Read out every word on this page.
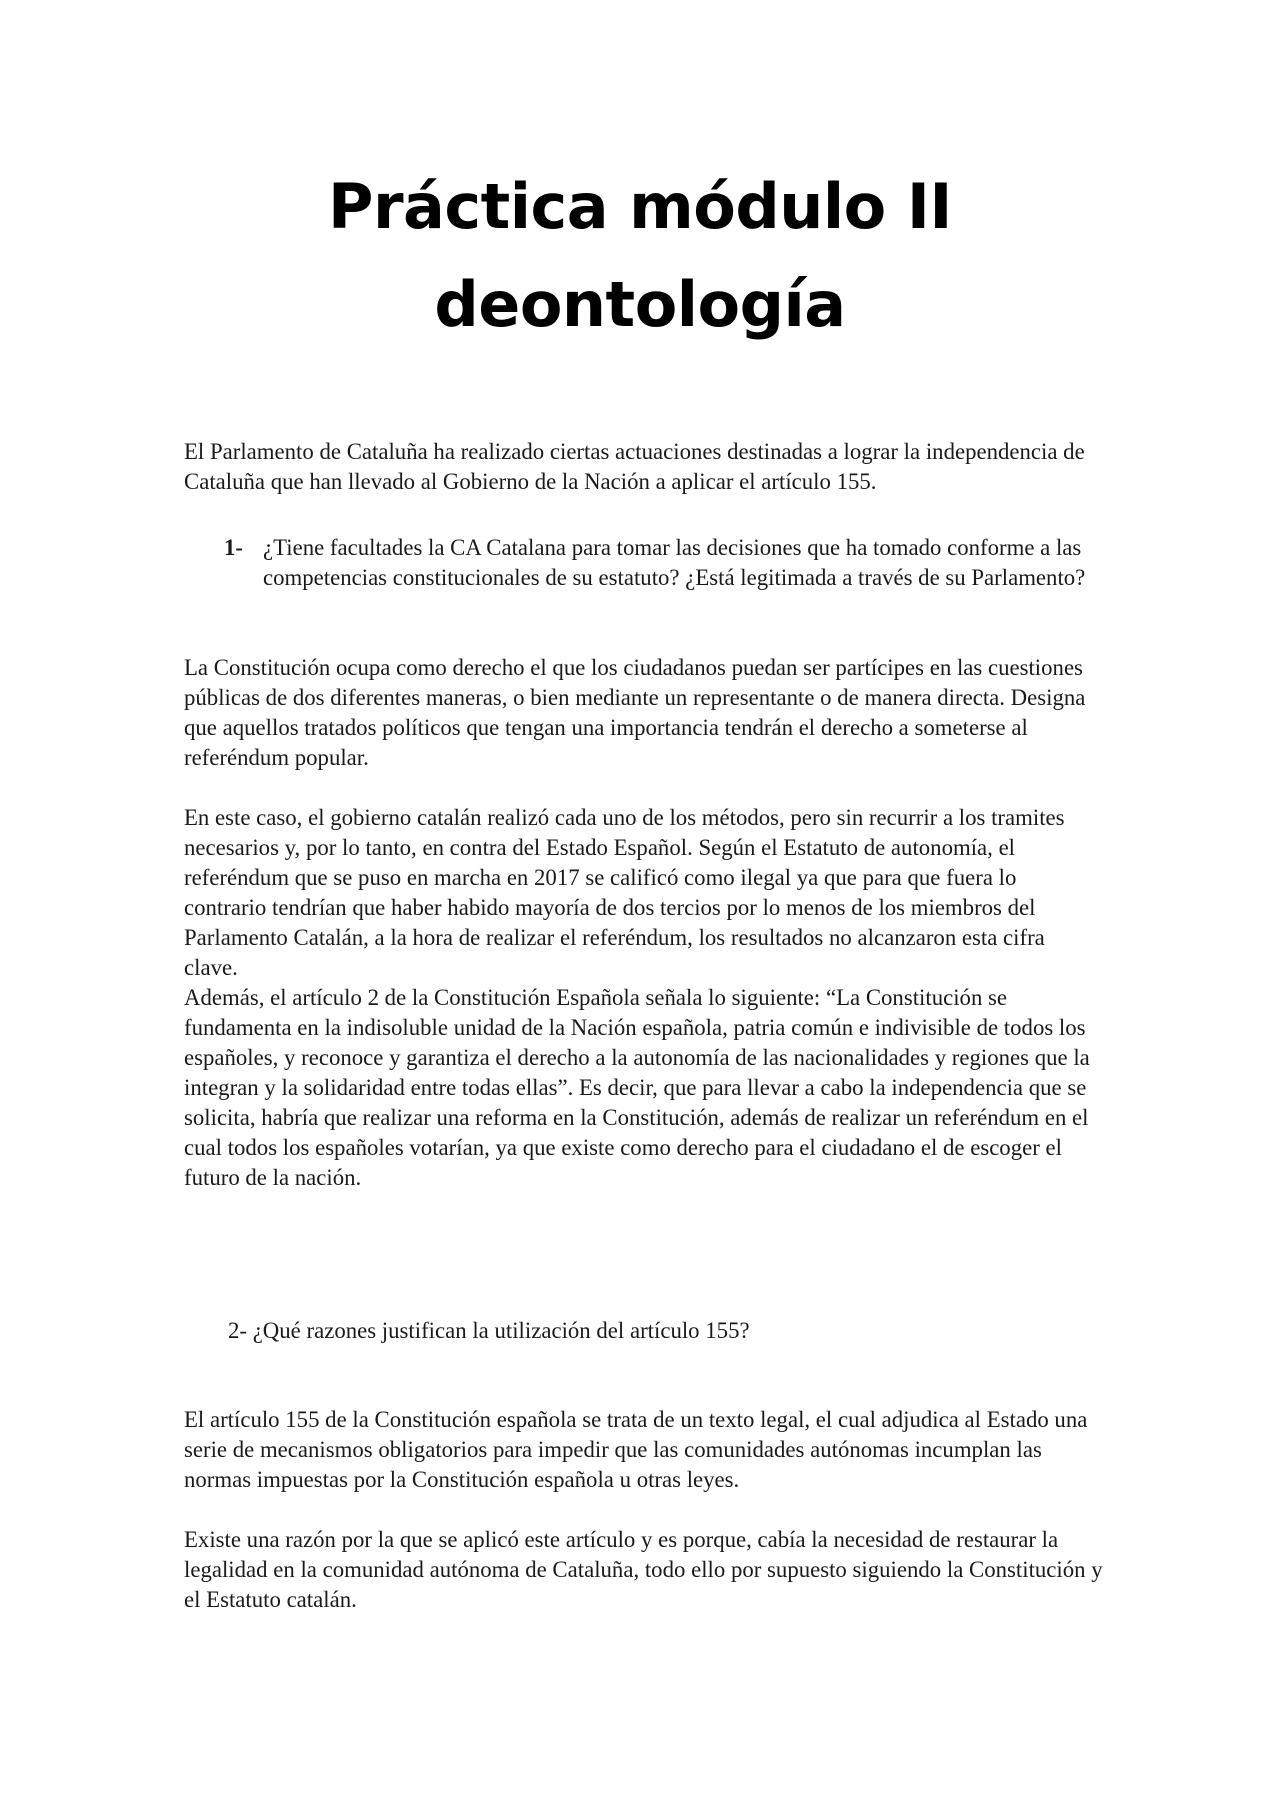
Práctica módulo II
deontología

El Parlamento de Cataluña ha realizado ciertas actuaciones destinadas a lograr la independencia de Cataluña que han llevado al Gobierno de la Nación a aplicar el artículo 155.

1- ¿Tiene facultades la CA Catalana para tomar las decisiones que ha tomado conforme a las competencias constitucionales de su estatuto? ¿Está legitimada a través de su Parlamento?

La Constitución ocupa como derecho el que los ciudadanos puedan ser partícipes en las cuestiones públicas de dos diferentes maneras, o bien mediante un representante o de manera directa. Designa que aquellos tratados políticos que tengan una importancia tendrán el derecho a someterse al referéndum popular.

En este caso, el gobierno catalán realizó cada uno de los métodos, pero sin recurrir a los tramites necesarios y, por lo tanto, en contra del Estado Español. Según el Estatuto de autonomía, el referéndum que se puso en marcha en 2017 se calificó como ilegal ya que para que fuera lo contrario tendrían que haber habido mayoría de dos tercios por lo menos de los miembros del Parlamento Catalán, a la hora de realizar el referéndum, los resultados no alcanzaron esta cifra clave.

Además, el artículo 2 de la Constitución Española señala lo siguiente: “La Constitución se fundamenta en la indisoluble unidad de la Nación española, patria común e indivisible de todos los españoles, y reconoce y garantiza el derecho a la autonomía de las nacionalidades y regiones que la integran y la solidaridad entre todas ellas”. Es decir, que para llevar a cabo la independencia que se solicita, habría que realizar una reforma en la Constitución, además de realizar un referéndum en el cual todos los españoles votarían, ya que existe como derecho para el ciudadano el de escoger el futuro de la nación.

2- ¿Qué razones justifican la utilización del artículo 155?

El artículo 155 de la Constitución española se trata de un texto legal, el cual adjudica al Estado una serie de mecanismos obligatorios para impedir que las comunidades autónomas incumplan las normas impuestas por la Constitución española u otras leyes.

Existe una razón por la que se aplicó este artículo y es porque, cabía la necesidad de restaurar la legalidad en la comunidad autónoma de Cataluña, todo ello por supuesto siguiendo la Constitución y el Estatuto catalán.
